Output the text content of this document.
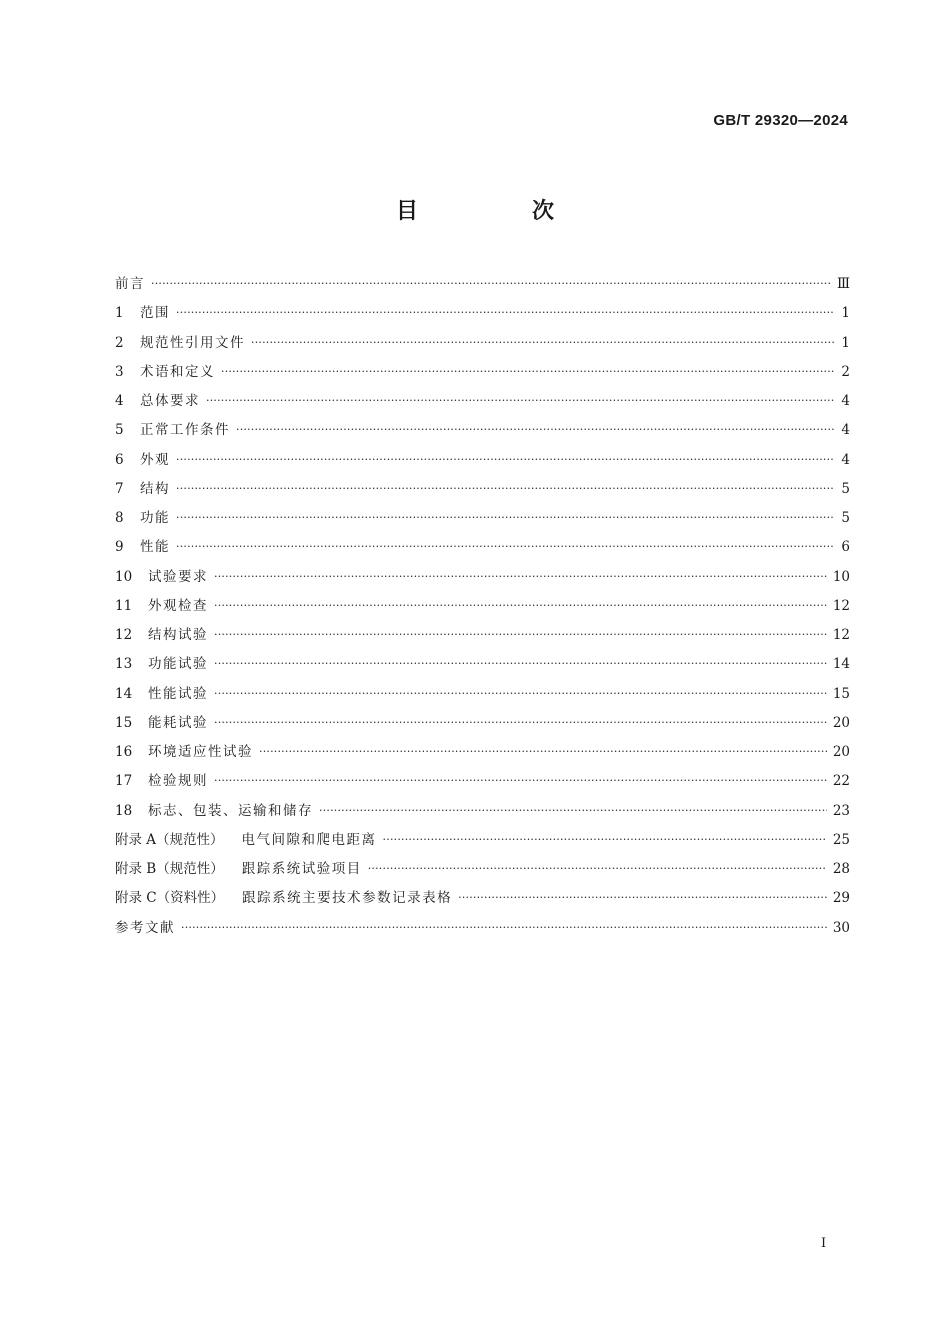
GB/T 29320—2024
目　次
前言 ·····	Ⅲ
1	范围 ·····	1
2	规范性引用文件 ·····	1
3	术语和定义 ·····	2
4	总体要求 ·····	4
5	正常工作条件 ·····	4
6	外观 ·····	4
7	结构 ·····	5
8	功能 ·····	5
9	性能 ·····	6
10	试验要求 ·····	10
11	外观检查 ·····	12
12	结构试验 ·····	12
13	功能试验 ·····	14
14	性能试验 ·····	15
15	能耗试验 ·····	20
16	环境适应性试验 ·····	20
17	检验规则 ·····	22
18	标志、包装、运输和储存 ·····	23
附录 A（规范性） 电气间隙和爬电距离 ·····	25
附录 B（规范性） 跟踪系统试验项目 ·····	28
附录 C（资料性） 跟踪系统主要技术参数记录表格 ·····	29
参考文献 ·····	30
I
